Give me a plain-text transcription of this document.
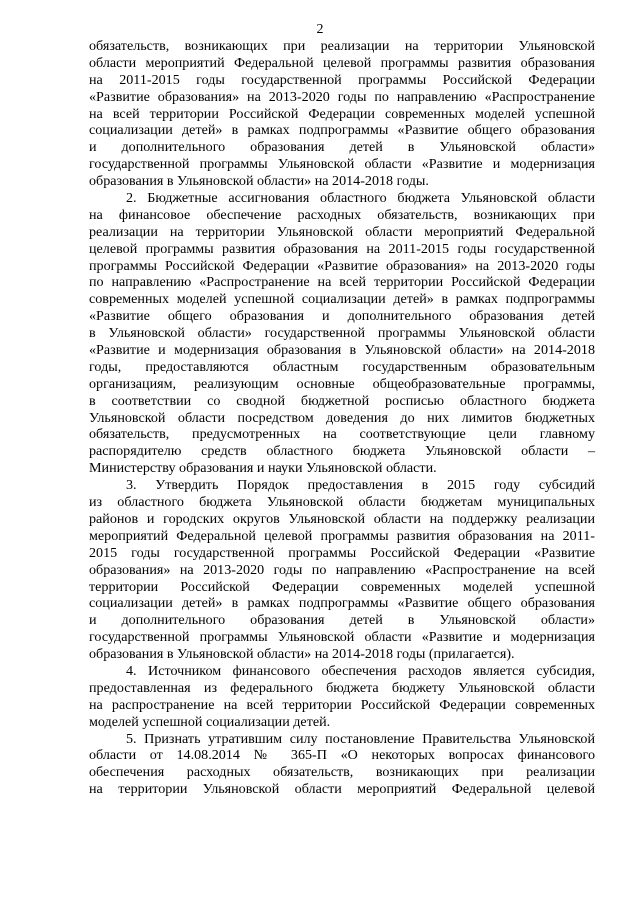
2
обязательств, возникающих при реализации на территории Ульяновской
области мероприятий Федеральной целевой программы развития образования
на 2011-2015 годы государственной программы Российской Федерации
«Развитие образования» на 2013-2020 годы по направлению «Распространение
на всей территории Российской Федерации современных моделей успешной
социализации детей» в рамках подпрограммы «Развитие общего образования
и дополнительного образования детей в Ульяновской области»
государственной программы Ульяновской области «Развитие и модернизация
образования в Ульяновской области» на 2014-2018 годы.
2. Бюджетные ассигнования областного бюджета Ульяновской области
на финансовое обеспечение расходных обязательств, возникающих при
реализации на территории Ульяновской области мероприятий Федеральной
целевой программы развития образования на 2011-2015 годы государственной
программы Российской Федерации «Развитие образования» на 2013-2020 годы
по направлению «Распространение на всей территории Российской Федерации
современных моделей успешной социализации детей» в рамках подпрограммы
«Развитие общего образования и дополнительного образования детей
в Ульяновской области» государственной программы Ульяновской области
«Развитие и модернизация образования в Ульяновской области» на 2014-2018
годы, предоставляются областным государственным образовательным
организациям, реализующим основные общеобразовательные программы,
в соответствии со сводной бюджетной росписью областного бюджета
Ульяновской области посредством доведения до них лимитов бюджетных
обязательств, предусмотренных на соответствующие цели главному
распорядителю средств областного бюджета Ульяновской области –
Министерству образования и науки Ульяновской области.
3. Утвердить Порядок предоставления в 2015 году субсидий
из областного бюджета Ульяновской области бюджетам муниципальных
районов и городских округов Ульяновской области на поддержку реализации
мероприятий Федеральной целевой программы развития образования на 2011-
2015 годы государственной программы Российской Федерации «Развитие
образования» на 2013-2020 годы по направлению «Распространение на всей
территории Российской Федерации современных моделей успешной
социализации детей» в рамках подпрограммы «Развитие общего образования
и дополнительного образования детей в Ульяновской области»
государственной программы Ульяновской области «Развитие и модернизация
образования в Ульяновской области» на 2014-2018 годы (прилагается).
4. Источником финансового обеспечения расходов является субсидия,
предоставленная из федерального бюджета бюджету Ульяновской области
на распространение на всей территории Российской Федерации современных
моделей успешной социализации детей.
5. Признать утратившим силу постановление Правительства Ульяновской
области от 14.08.2014 № 365-П «О некоторых вопросах финансового
обеспечения расходных обязательств, возникающих при реализации
на территории Ульяновской области мероприятий Федеральной целевой
